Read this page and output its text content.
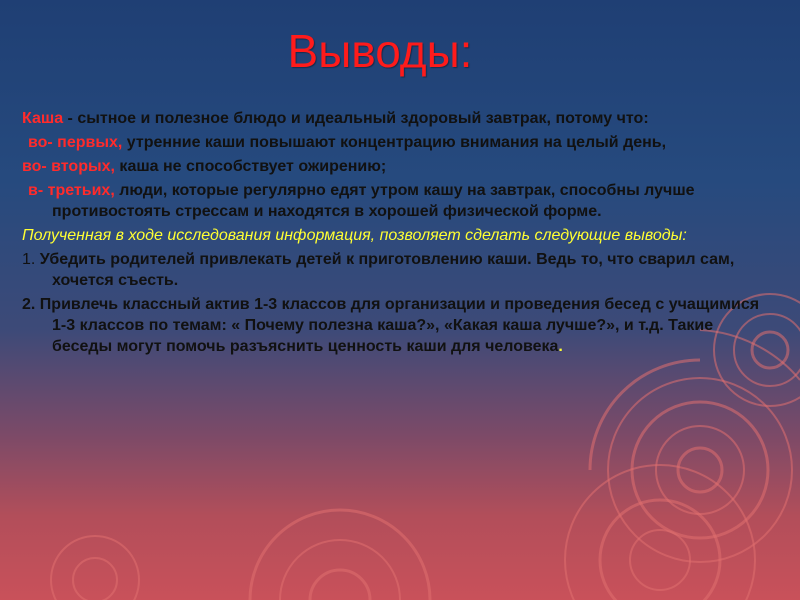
Выводы:

Каша - сытное и полезное блюдо и идеальный здоровый завтрак, потому что:

во- первых, утренние каши повышают концентрацию внимания на целый день,

во- вторых, каша не способствует ожирению;

в- третьих, люди, которые регулярно едят утром кашу на завтрак, способны лучше противостоять стрессам и находятся в хорошей физической форме.

Полученная в ходе исследования информация, позволяет сделать следующие выводы:

1. Убедить родителей привлекать детей к приготовлению каши. Ведь то, что сварил сам, хочется съесть.

2. Привлечь классный актив 1-3 классов для организации и проведения бесед с учащимися 1-3 классов по темам: « Почему полезна каша?», «Какая каша лучше?», и т.д. Такие беседы могут помочь разъяснить ценность каши для человека.
